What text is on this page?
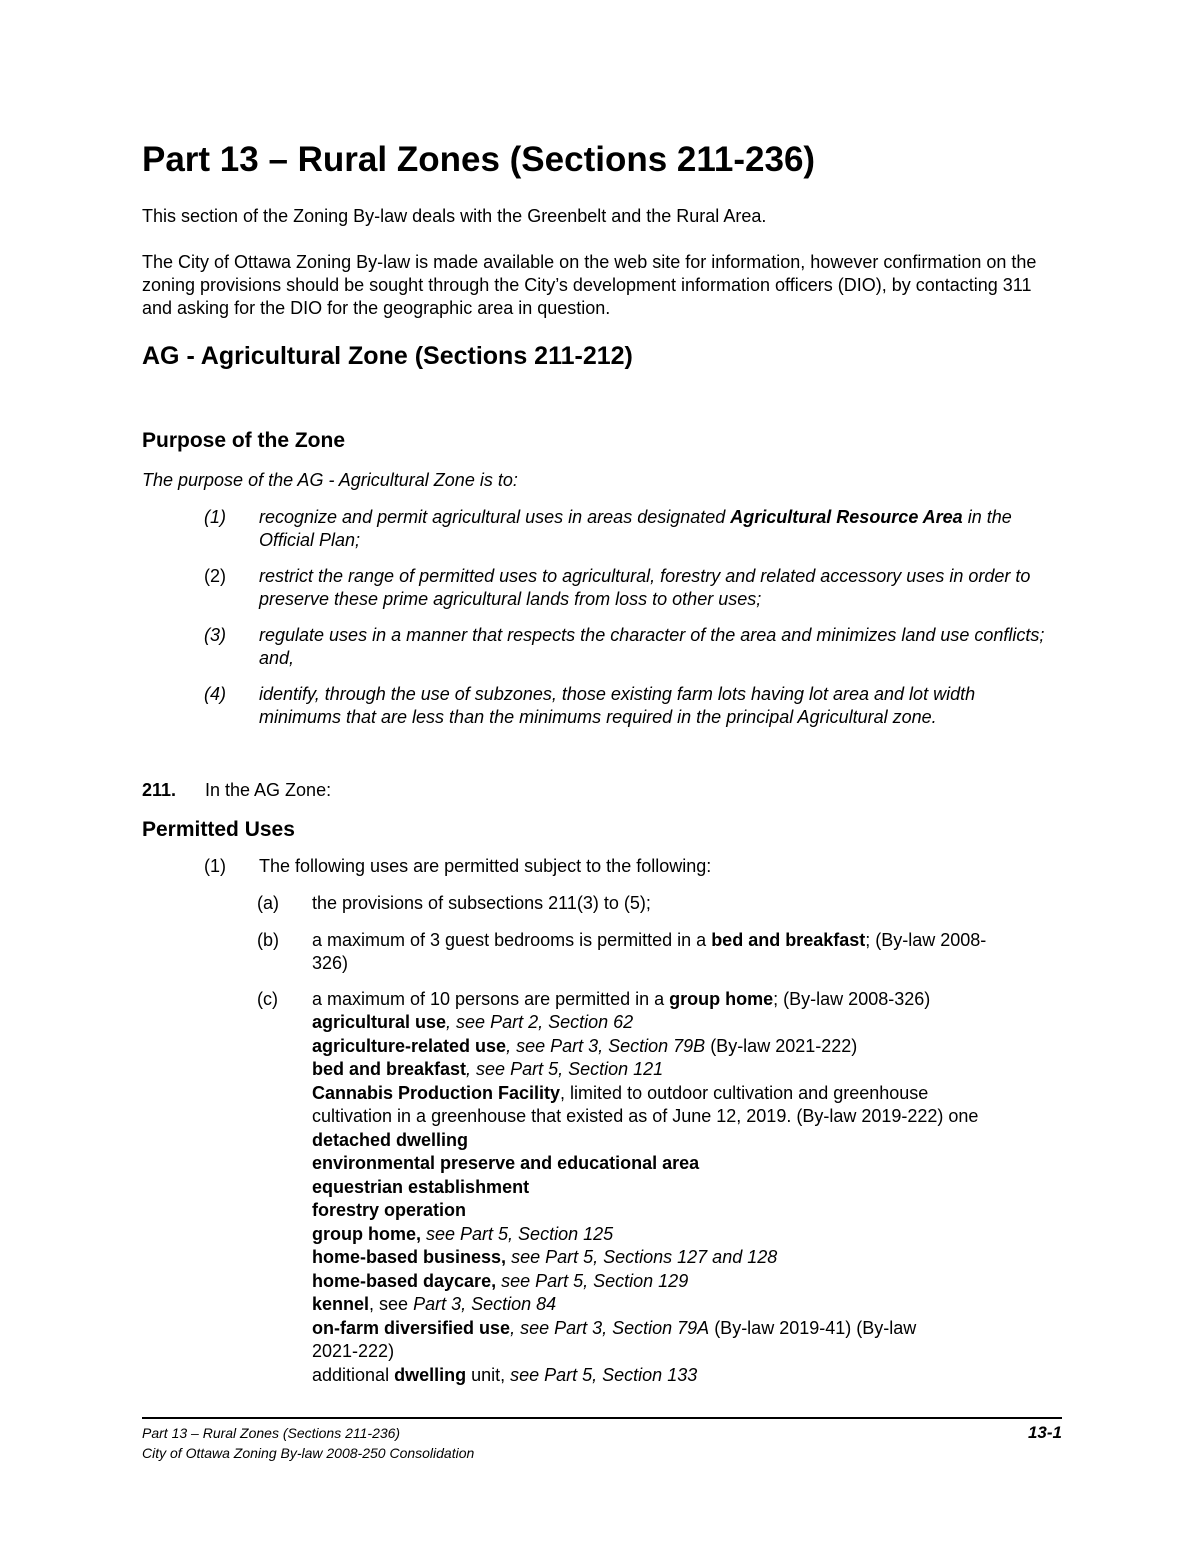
Part 13 – Rural Zones (Sections 211-236)

This section of the Zoning By-law deals with the Greenbelt and the Rural Area.

The City of Ottawa Zoning By-law is made available on the web site for information, however confirmation on the zoning provisions should be sought through the City’s development information officers (DIO), by contacting 311 and asking for the DIO for the geographic area in question.

AG - Agricultural Zone (Sections 211-212)
Purpose of the Zone

The purpose of the AG - Agricultural Zone is to:

(1) recognize and permit agricultural uses in areas designated Agricultural Resource Area in the Official Plan;

(2) restrict the range of permitted uses to agricultural, forestry and related accessory uses in order to preserve these prime agricultural lands from loss to other uses;

(3) regulate uses in a manner that respects the character of the area and minimizes land use conflicts; and,

(4) identify, through the use of subzones, those existing farm lots having lot area and lot width minimums that are less than the minimums required in the principal Agricultural zone.

211. In the AG Zone:
Permitted Uses
(1) The following uses are permitted subject to the following:

(a) the provisions of subsections 211(3) to (5);

(b) a maximum of 3 guest bedrooms is permitted in a bed and breakfast; (By-law 2008-326)

(c) a maximum of 10 persons are permitted in a group home; (By-law 2008-326)

agricultural use, see Part 2, Section 62
agriculture-related use, see Part 3, Section 79B (By-law 2021-222)
bed and breakfast, see Part 5, Section 121
Cannabis Production Facility, limited to outdoor cultivation and greenhouse
cultivation in a greenhouse that existed as of June 12, 2019. (By-law 2019-222) one
detached dwelling
environmental preserve and educational area
equestrian establishment
forestry operation
group home, see Part 5, Section 125
home-based business, see Part 5, Sections 127 and 128
home-based daycare, see Part 5, Section 129
kennel, see Part 3, Section 84
on-farm diversified use, see Part 3, Section 79A (By-law 2019-41) (By-law
2021-222)
additional dwelling unit, see Part 5, Section 133
Part 13 – Rural Zones (Sections 211-236)
City of Ottawa Zoning By-law 2008-250 Consolidation
13-1
